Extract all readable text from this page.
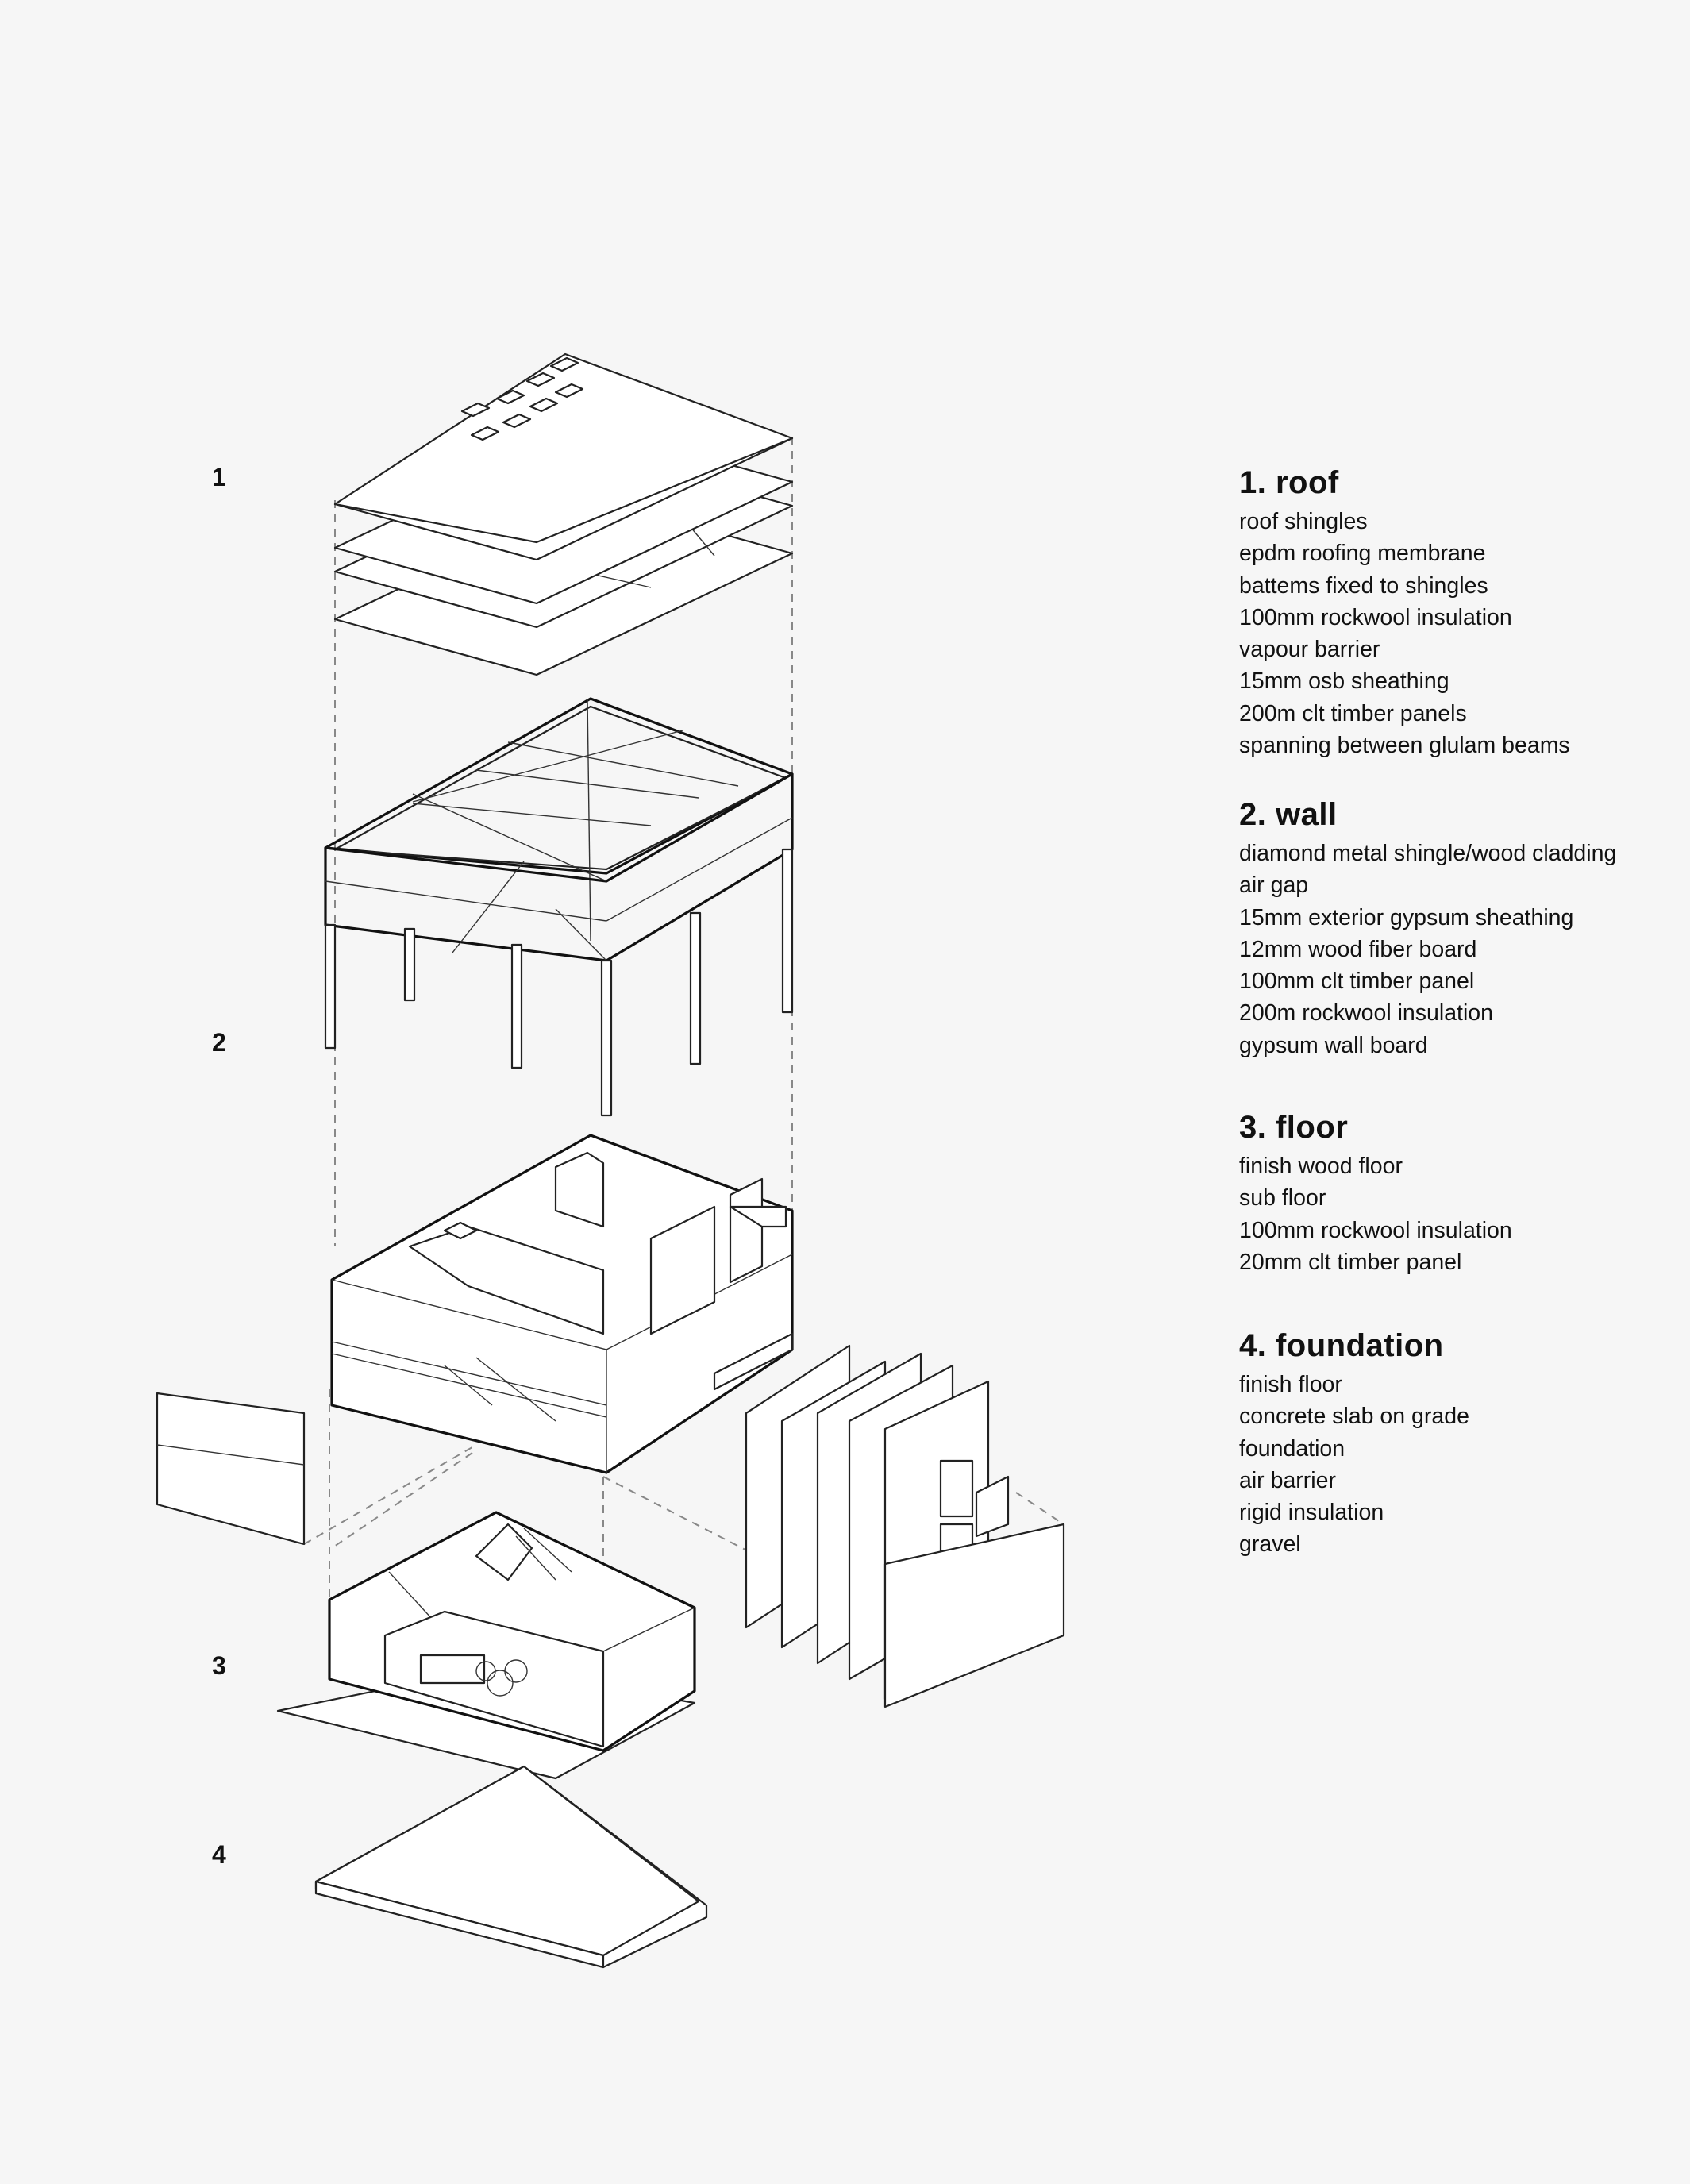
1
2
3
4
1. roof
roof shingles
epdm roofing membrane
battems fixed to shingles
100mm rockwool insulation
vapour barrier
15mm osb sheathing
200m clt timber panels
spanning between glulam beams
2. wall
diamond metal shingle/wood cladding
air gap
15mm exterior gypsum sheathing
12mm wood fiber board
100mm clt timber panel
200m rockwool insulation
gypsum wall board
3. floor
finish wood floor
sub floor
100mm rockwool insulation
20mm clt timber panel
4. foundation
finish floor
concrete slab on grade
foundation
air barrier
rigid insulation
gravel
